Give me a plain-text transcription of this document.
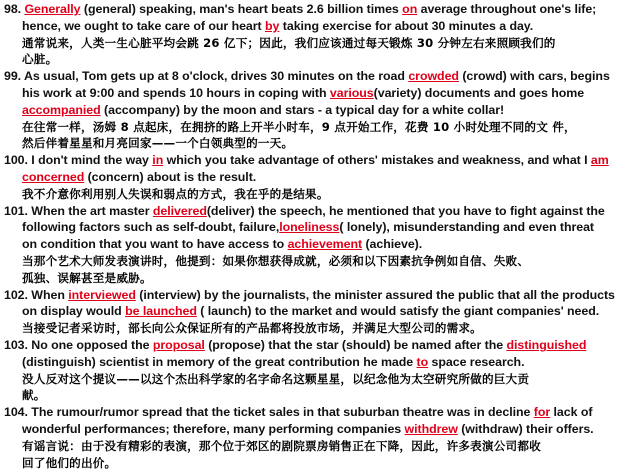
98. Generally (general) speaking, man's heart beats 2.6 billion times on average throughout one's life;
hence, we ought to take care of our heart by taking exercise for about 30 minutes a day.
通常说来，人类一生心脏平均会跳 26 亿下；因此，我们应该通过每天锻炼 30 分钟左右来照顾我们的
心脏。
99. As usual, Tom gets up at 8 o'clock, drives 30 minutes on the road crowded (crowd) with cars, begins
his work at 9:00 and spends 10 hours in coping with various(variety) documents and goes home
accompanied (accompany) by the moon and stars - a typical day for a white collar!
在往常一样，汤姆 8 点起床，在拥挤的路上开半小时车，9 点开始工作，花费 10 小时处理不同的文 件，
然后伴着星星和月亮回家——一个白领典型的一天。
100. I don't mind the way in which you take advantage of others' mistakes and weakness, and what I am
concerned (concern) about is the result.
我不介意你利用别人失误和弱点的方式，我在乎的是结果。
101. When the art master delivered(deliver) the speech, he mentioned that you have to fight against the
following factors such as self-doubt, failure,loneliness( lonely), misunderstanding and even threat
on condition that you want to have access to achievement (achieve).
当那个艺术大师发表演讲时，他提到：如果你想获得成就，必须和以下因素抗争例如自信、失败、
孤独、误解甚至是威胁。
102. When interviewed (interview) by the journalists, the minister assured the public that all the products
on display would be launched ( launch) to the market and would satisfy the giant companies' need.
当接受记者采访时，部长向公众保证所有的产品都将投放市场，并满足大型公司的需求。
103. No one opposed the proposal (propose) that the star (should) be named after the distinguished
(distinguish) scientist in memory of the great contribution he made to space research.
没人反对这个提议——以这个杰出科学家的名字命名这颗星星，以纪念他为太空研究所做的巨大贡
献。
104. The rumour/rumor spread that the ticket sales in that suburban theatre was in decline for lack of
wonderful performances; therefore, many performing companies withdrew (withdraw) their offers.
有谣言说：由于没有精彩的表演，那个位于郊区的剧院票房销售正在下降，因此，许多表演公司都收
回了他们的出价。
